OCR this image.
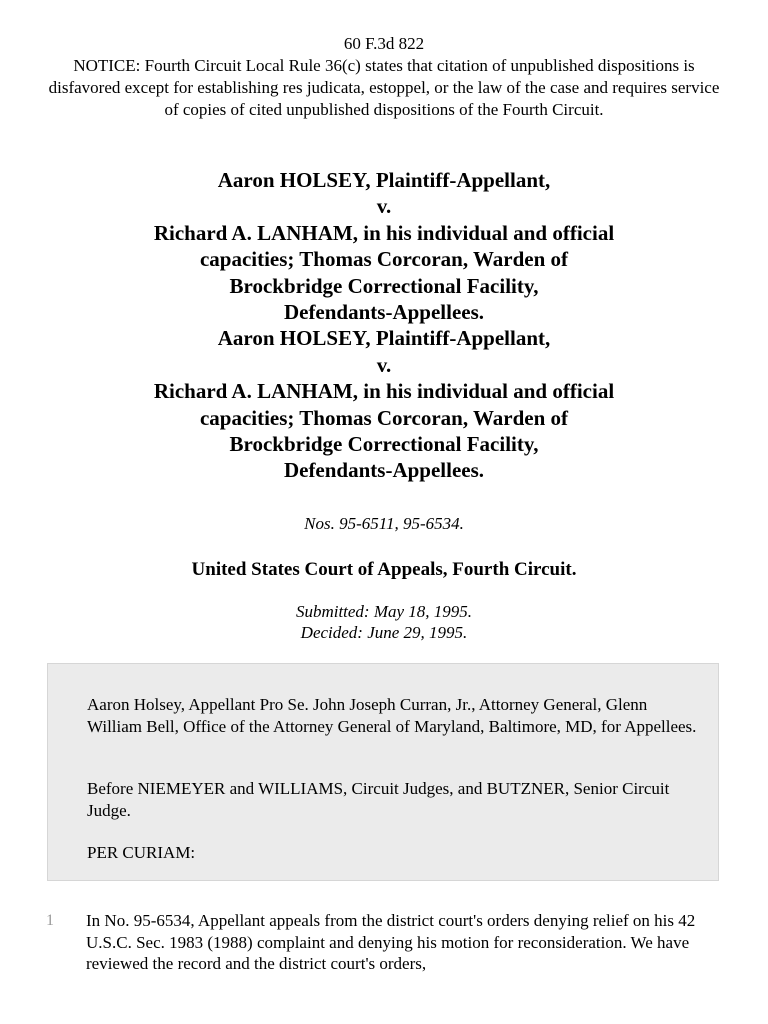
60 F.3d 822
NOTICE: Fourth Circuit Local Rule 36(c) states that citation of unpublished dispositions is disfavored except for establishing res judicata, estoppel, or the law of the case and requires service of copies of cited unpublished dispositions of the Fourth Circuit.
Aaron HOLSEY, Plaintiff-Appellant,
v.
Richard A. LANHAM, in his individual and official
capacities; Thomas Corcoran, Warden of
Brockbridge Correctional Facility,
Defendants-Appellees.
Aaron HOLSEY, Plaintiff-Appellant,
v.
Richard A. LANHAM, in his individual and official
capacities; Thomas Corcoran, Warden of
Brockbridge Correctional Facility,
Defendants-Appellees.
Nos. 95-6511, 95-6534.
United States Court of Appeals, Fourth Circuit.
Submitted: May 18, 1995.
Decided: June 29, 1995.

Aaron Holsey, Appellant Pro Se. John Joseph Curran, Jr., Attorney General, Glenn William Bell, Office of the Attorney General of Maryland, Baltimore, MD, for Appellees.

Before NIEMEYER and WILLIAMS, Circuit Judges, and BUTZNER, Senior Circuit Judge.

PER CURIAM:

1 In No. 95-6534, Appellant appeals from the district court's orders denying relief on his 42 U.S.C. Sec. 1983 (1988) complaint and denying his motion for reconsideration. We have reviewed the record and the district court's orders,
